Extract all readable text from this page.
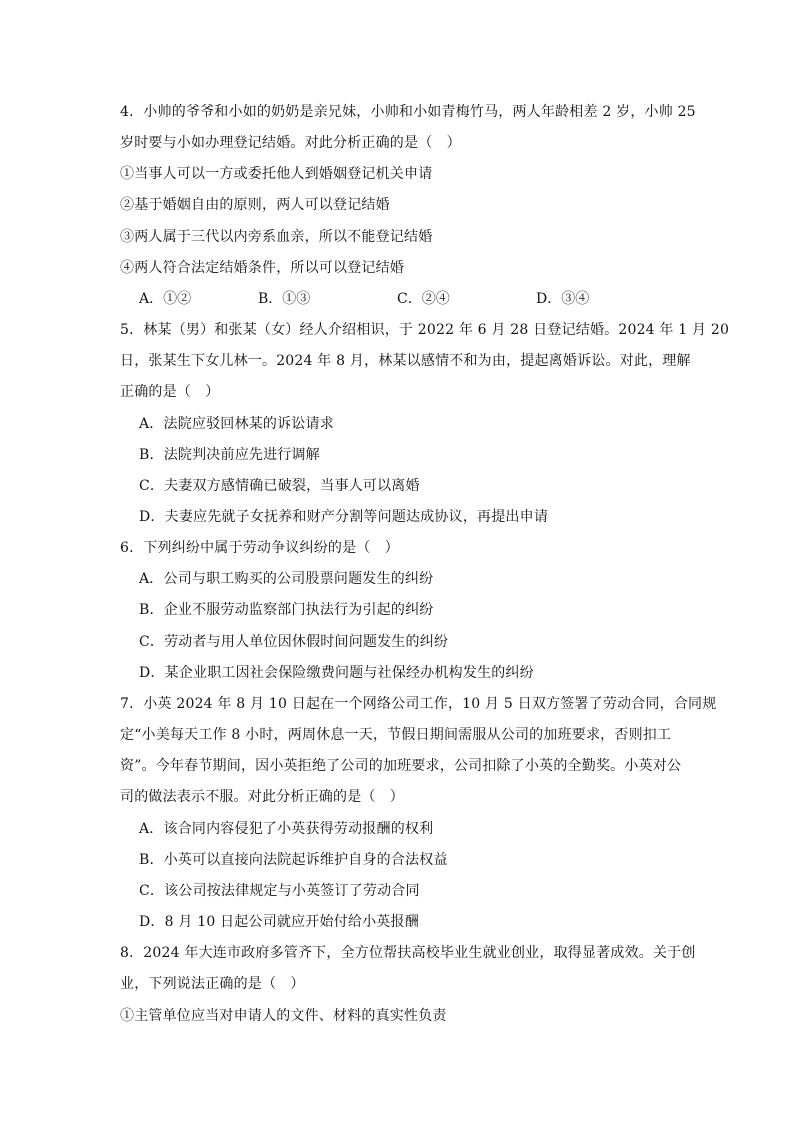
4．小帅的爷爷和小如的奶奶是亲兄妹，小帅和小如青梅竹马，两人年龄相差 2 岁，小帅 25
岁时要与小如办理登记结婚。对此分析正确的是（　）
①当事人可以一方或委托他人到婚姻登记机关申请
②基于婚姻自由的原则，两人可以登记结婚
③两人属于三代以内旁系血亲，所以不能登记结婚
④两人符合法定结婚条件，所以可以登记结婚
A．①②	B．①③	C．②④	D．③④
5．林某（男）和张某（女）经人介绍相识，于 2022 年 6 月 28 日登记结婚。2024 年 1 月 20
日，张某生下女儿林一。2024 年 8 月，林某以感情不和为由，提起离婚诉讼。对此，理解
正确的是（　）
A．法院应驳回林某的诉讼请求
B．法院判决前应先进行调解
C．夫妻双方感情确已破裂，当事人可以离婚
D．夫妻应先就子女抚养和财产分割等问题达成协议，再提出申请
6．下列纠纷中属于劳动争议纠纷的是（　）
A．公司与职工购买的公司股票问题发生的纠纷
B．企业不服劳动监察部门执法行为引起的纠纷
C．劳动者与用人单位因休假时间问题发生的纠纷
D．某企业职工因社会保险缴费问题与社保经办机构发生的纠纷
7．小英 2024 年 8 月 10 日起在一个网络公司工作，10 月 5 日双方签署了劳动合同，合同规
定“小美每天工作 8 小时，两周休息一天，节假日期间需服从公司的加班要求，否则扣工
资”。今年春节期间，因小英拒绝了公司的加班要求，公司扣除了小英的全勤奖。小英对公
司的做法表示不服。对此分析正确的是（　）
A．该合同内容侵犯了小英获得劳动报酬的权利
B．小英可以直接向法院起诉维护自身的合法权益
C．该公司按法律规定与小英签订了劳动合同
D．8 月 10 日起公司就应开始付给小英报酬
8．2024 年大连市政府多管齐下，全方位帮扶高校毕业生就业创业，取得显著成效。关于创
业，下列说法正确的是（　）
①主管单位应当对申请人的文件、材料的真实性负责
